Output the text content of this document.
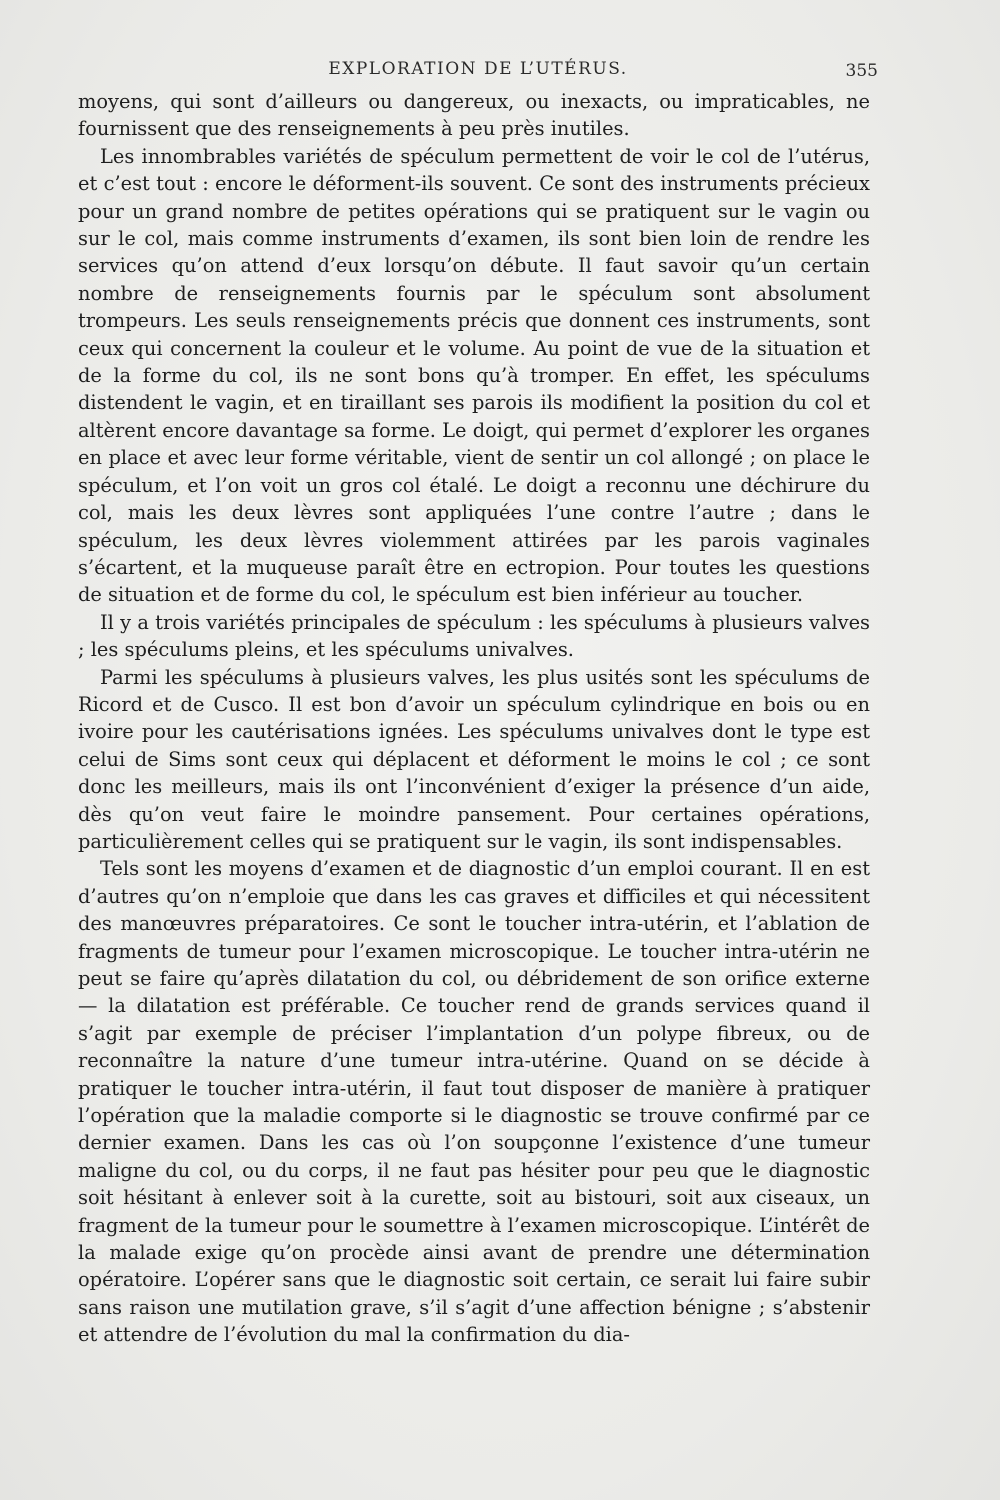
EXPLORATION DE L’UTÉRUS.	355

moyens, qui sont d’ailleurs ou dangereux, ou inexacts, ou impraticables, ne fournissent que des renseignements à peu près inutiles.

Les innombrables variétés de spéculum permettent de voir le col de l’utérus, et c’est tout : encore le déforment-ils souvent. Ce sont des instruments précieux pour un grand nombre de petites opérations qui se pratiquent sur le vagin ou sur le col, mais comme instruments d’examen, ils sont bien loin de rendre les services qu’on attend d’eux lorsqu’on débute. Il faut savoir qu’un certain nombre de renseignements fournis par le spéculum sont absolument trompeurs. Les seuls renseignements précis que donnent ces instruments, sont ceux qui concernent la couleur et le volume. Au point de vue de la situation et de la forme du col, ils ne sont bons qu’à tromper. En effet, les spéculums distendent le vagin, et en tiraillant ses parois ils modifient la position du col et altèrent encore davantage sa forme. Le doigt, qui permet d’explorer les organes en place et avec leur forme véritable, vient de sentir un col allongé ; on place le spéculum, et l’on voit un gros col étalé. Le doigt a reconnu une déchirure du col, mais les deux lèvres sont appliquées l’une contre l’autre ; dans le spéculum, les deux lèvres violemment attirées par les parois vaginales s’écartent, et la muqueuse paraît être en ectropion. Pour toutes les questions de situation et de forme du col, le spéculum est bien inférieur au toucher.

Il y a trois variétés principales de spéculum : les spéculums à plusieurs valves ; les spéculums pleins, et les spéculums univalves.

Parmi les spéculums à plusieurs valves, les plus usités sont les spéculums de Ricord et de Cusco. Il est bon d’avoir un spéculum cylindrique en bois ou en ivoire pour les cautérisations ignées. Les spéculums univalves dont le type est celui de Sims sont ceux qui déplacent et déforment le moins le col ; ce sont donc les meilleurs, mais ils ont l’inconvénient d’exiger la présence d’un aide, dès qu’on veut faire le moindre pansement. Pour certaines opérations, particulièrement celles qui se pratiquent sur le vagin, ils sont indispensables.

Tels sont les moyens d’examen et de diagnostic d’un emploi courant. Il en est d’autres qu’on n’emploie que dans les cas graves et difficiles et qui nécessitent des manœuvres préparatoires. Ce sont le toucher intra-utérin, et l’ablation de fragments de tumeur pour l’examen microscopique. Le toucher intra-utérin ne peut se faire qu’après dilatation du col, ou débridement de son orifice externe — la dilatation est préférable. Ce toucher rend de grands services quand il s’agit par exemple de préciser l’implantation d’un polype fibreux, ou de reconnaître la nature d’une tumeur intra-utérine. Quand on se décide à pratiquer le toucher intra-utérin, il faut tout disposer de manière à pratiquer l’opération que la maladie comporte si le diagnostic se trouve confirmé par ce dernier examen. Dans les cas où l’on soupçonne l’existence d’une tumeur maligne du col, ou du corps, il ne faut pas hésiter pour peu que le diagnostic soit hésitant à enlever soit à la curette, soit au bistouri, soit aux ciseaux, un fragment de la tumeur pour le soumettre à l’examen microscopique. L’intérêt de la malade exige qu’on procède ainsi avant de prendre une détermination opératoire. L’opérer sans que le diagnostic soit certain, ce serait lui faire subir sans raison une mutilation grave, s’il s’agit d’une affection bénigne ; s’abstenir et attendre de l’évolution du mal la confirmation du dia-
